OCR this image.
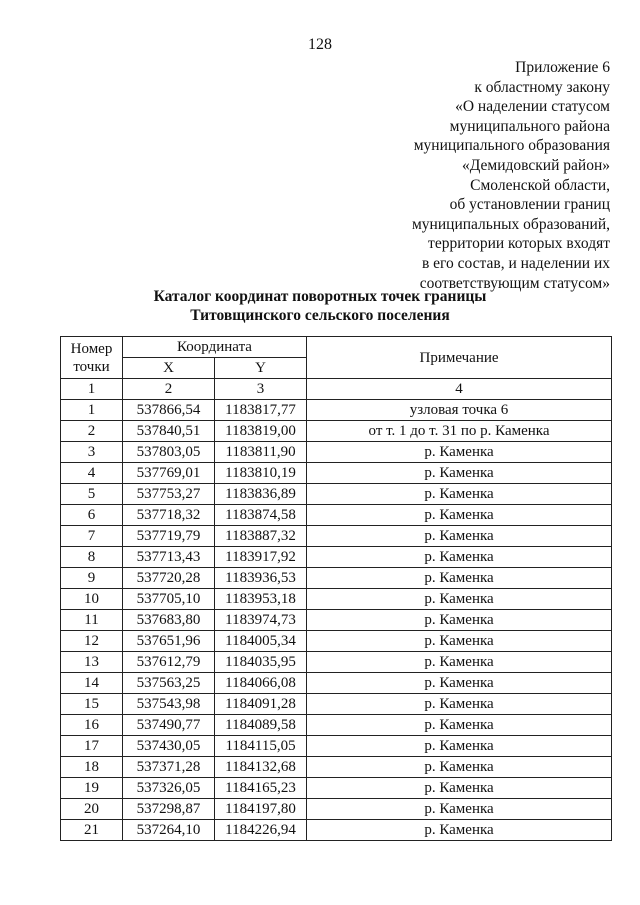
128
Приложение 6
к областному закону
«О наделении статусом
муниципального района
муниципального образования
«Демидовский район»
Смоленской области,
об установлении границ
муниципальных образований,
территории которых входят
в его состав, и наделении их
соответствующим статусом»
Каталог координат поворотных точек границы
Титовщинского сельского поселения
Номер точки	Координата		Примечание
	X	Y	
1	2	3	4
1	537866,54	1183817,77	узловая точка 6
2	537840,51	1183819,00	от т. 1 до т. 31 по р. Каменка
3	537803,05	1183811,90	р. Каменка
4	537769,01	1183810,19	р. Каменка
5	537753,27	1183836,89	р. Каменка
6	537718,32	1183874,58	р. Каменка
7	537719,79	1183887,32	р. Каменка
8	537713,43	1183917,92	р. Каменка
9	537720,28	1183936,53	р. Каменка
10	537705,10	1183953,18	р. Каменка
11	537683,80	1183974,73	р. Каменка
12	537651,96	1184005,34	р. Каменка
13	537612,79	1184035,95	р. Каменка
14	537563,25	1184066,08	р. Каменка
15	537543,98	1184091,28	р. Каменка
16	537490,77	1184089,58	р. Каменка
17	537430,05	1184115,05	р. Каменка
18	537371,28	1184132,68	р. Каменка
19	537326,05	1184165,23	р. Каменка
20	537298,87	1184197,80	р. Каменка
21	537264,10	1184226,94	р. Каменка
